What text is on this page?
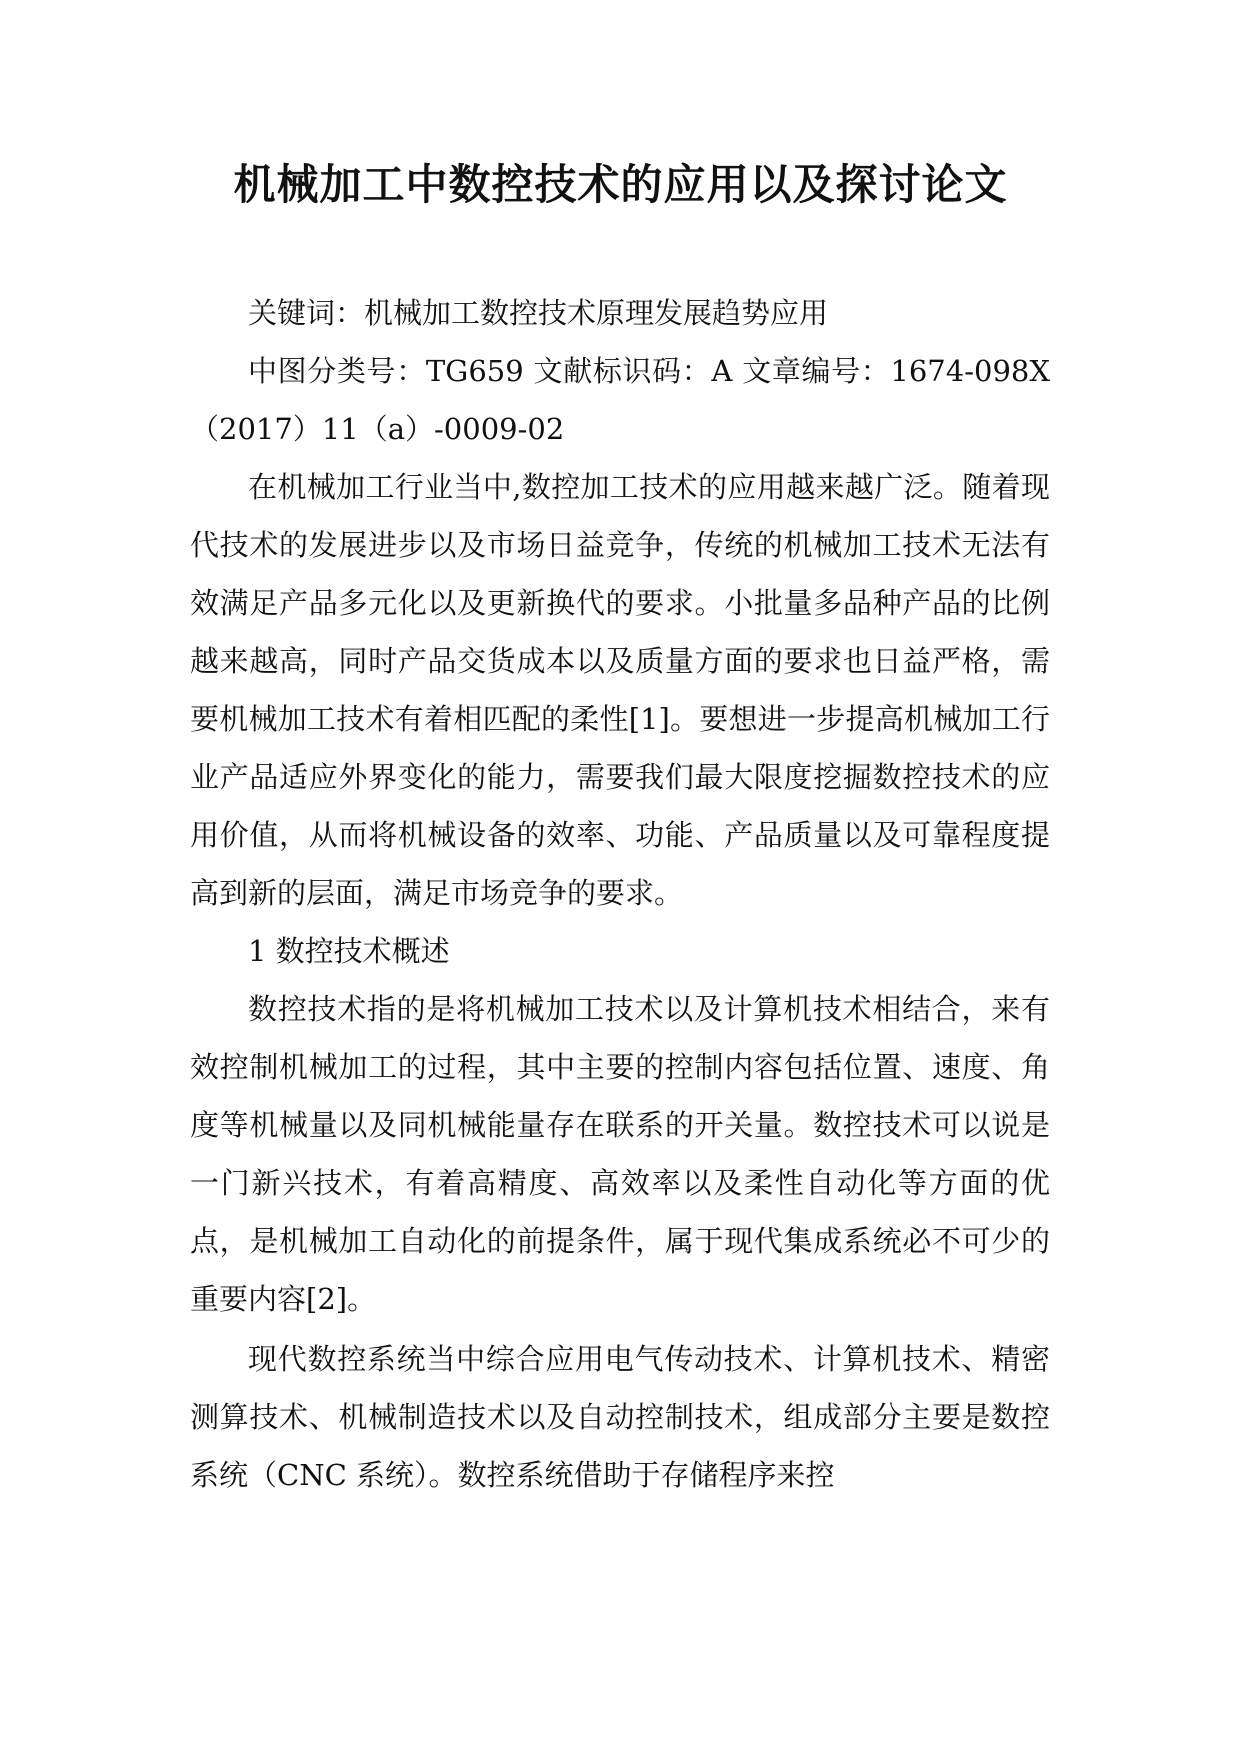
机械加工中数控技术的应用以及探讨论文

关键词：机械加工数控技术原理发展趋势应用

中图分类号：TG659 文献标识码：A 文章编号：1674-098X（2017）11（a）-0009-02

在机械加工行业当中,数控加工技术的应用越来越广泛。随着现代技术的发展进步以及市场日益竞争，传统的机械加工技术无法有效满足产品多元化以及更新换代的要求。小批量多品种产品的比例越来越高，同时产品交货成本以及质量方面的要求也日益严格，需要机械加工技术有着相匹配的柔性[1]。要想进一步提高机械加工行业产品适应外界变化的能力，需要我们最大限度挖掘数控技术的应用价值，从而将机械设备的效率、功能、产品质量以及可靠程度提高到新的层面，满足市场竞争的要求。

1 数控技术概述

数控技术指的是将机械加工技术以及计算机技术相结合，来有效控制机械加工的过程，其中主要的控制内容包括位置、速度、角度等机械量以及同机械能量存在联系的开关量。数控技术可以说是一门新兴技术，有着高精度、高效率以及柔性自动化等方面的优点，是机械加工自动化的前提条件，属于现代集成系统必不可少的重要内容[2]。

现代数控系统当中综合应用电气传动技术、计算机技术、精密测算技术、机械制造技术以及自动控制技术，组成部分主要是数控系统（CNC 系统）。数控系统借助于存储程序来控
